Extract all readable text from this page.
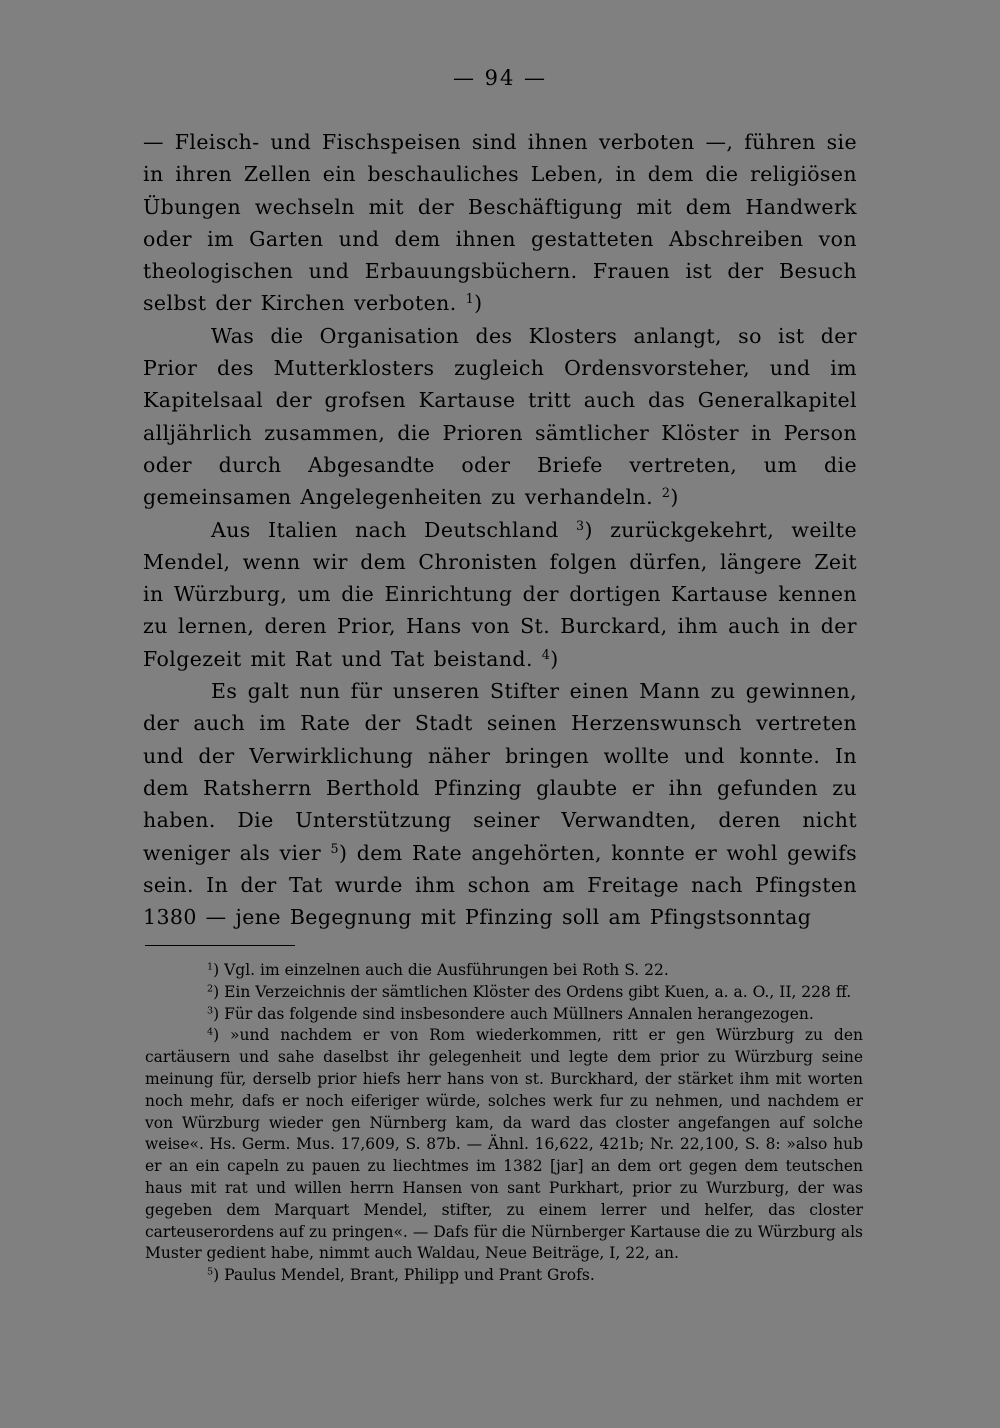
— 94 —

— Fleisch- und Fischspeisen sind ihnen verboten —, führen sie in ihren Zellen ein beschauliches Leben, in dem die religiösen Übungen wechseln mit der Beschäftigung mit dem Handwerk oder im Garten und dem ihnen gestatteten Abschreiben von theologischen und Erbauungsbüchern. Frauen ist der Besuch selbst der Kirchen verboten. $^1$)

Was die Organisation des Klosters anlangt, so ist der Prior des Mutterklosters zugleich Ordensvorsteher, und im Kapitelsaal der grofsen Kartause tritt auch das Generalkapitel alljährlich zusammen, die Prioren sämtlicher Klöster in Person oder durch Abgesandte oder Briefe vertreten, um die gemeinsamen Angelegenheiten zu verhandeln. $^2$)

Aus Italien nach Deutschland $^3$) zurückgekehrt, weilte Mendel, wenn wir dem Chronisten folgen dürfen, längere Zeit in Würzburg, um die Einrichtung der dortigen Kartause kennen zu lernen, deren Prior, Hans von St. Burckard, ihm auch in der Folgezeit mit Rat und Tat beistand. $^4$)

Es galt nun für unseren Stifter einen Mann zu gewinnen, der auch im Rate der Stadt seinen Herzenswunsch vertreten und der Verwirklichung näher bringen wollte und konnte. In dem Ratsherrn Berthold Pfinzing glaubte er ihn gefunden zu haben. Die Unterstützung seiner Verwandten, deren nicht weniger als vier $^5$) dem Rate angehörten, konnte er wohl gewifs sein. In der Tat wurde ihm schon am Freitage nach Pfingsten 1380 — jene Begegnung mit Pfinzing soll am Pfingstsonntag

$^1$) Vgl. im einzelnen auch die Ausführungen bei Roth S. 22.

$^2$) Ein Verzeichnis der sämtlichen Klöster des Ordens gibt Kuen, a. a. O., II, 228 ff.

$^3$) Für das folgende sind insbesondere auch Müllners Annalen herangezogen.

$^4$) »und nachdem er von Rom wiederkommen, ritt er gen Würzburg zu den cartäusern und sahe daselbst ihr gelegenheit und legte dem prior zu Würzburg seine meinung für, derselb prior hiefs herr hans von st. Burckhard, der stärket ihm mit worten noch mehr, dafs er noch eiferiger würde, solches werk fur zu nehmen, und nachdem er von Würzburg wieder gen Nürnberg kam, da ward das closter angefangen auf solche weise«. Hs. Germ. Mus. 17,609, S. 87b. — Ähnl. 16,622, 421b; Nr. 22,100, S. 8: »also hub er an ein capeln zu pauen zu liechtmes im 1382 [jar] an dem ort gegen dem teutschen haus mit rat und willen herrn Hansen von sant Purkhart, prior zu Wurzburg, der was gegeben dem Marquart Mendel, stifter, zu einem lerrer und helfer, das closter carteuserordens auf zu pringen«. — Dafs für die Nürnberger Kartause die zu Würzburg als Muster gedient habe, nimmt auch Waldau, Neue Beiträge, I, 22, an.

$^5$) Paulus Mendel, Brant, Philipp und Prant Grofs.
